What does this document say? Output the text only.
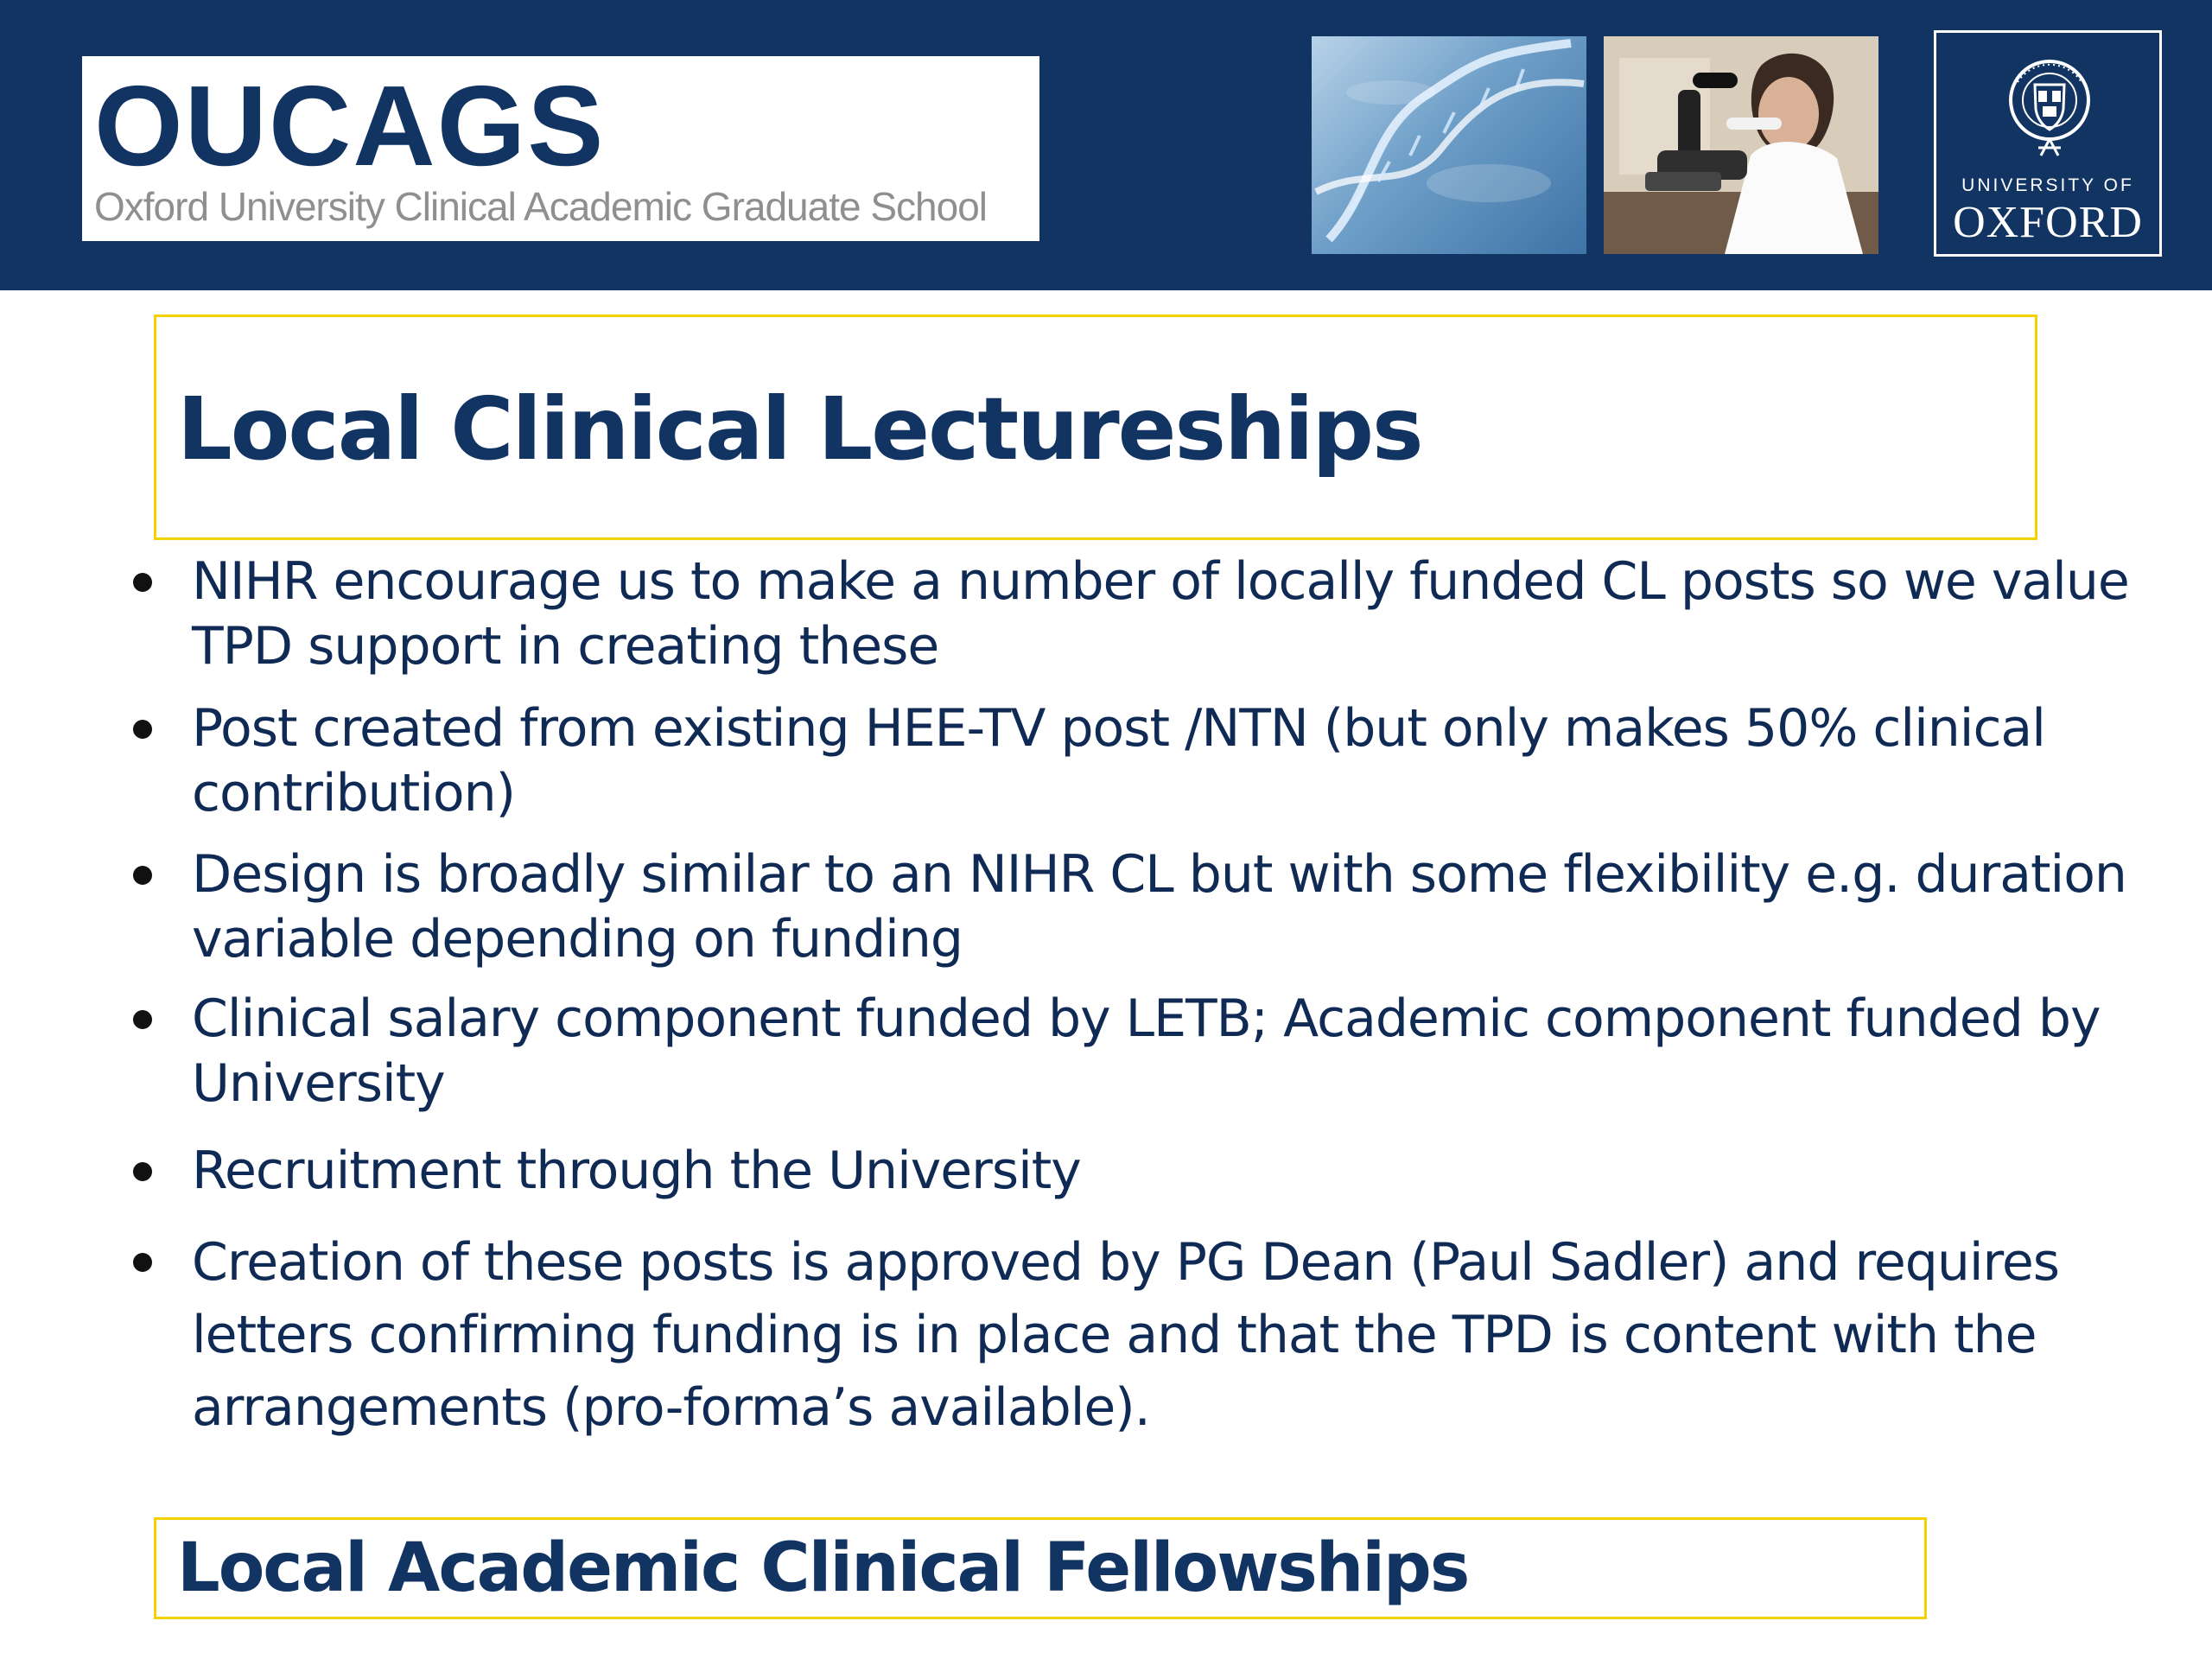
OUCAGS
Oxford University Clinical Academic Graduate School	UNIVERSITY OF
OXFORD
Local Clinical Lectureships
NIHR encourage us to make a number of locally funded CL posts so we value TPD support in creating these
Post created from existing HEE-TV post /NTN (but only makes 50% clinical contribution)
Design is broadly similar to an NIHR CL but with some flexibility e.g. duration variable depending on funding
Clinical salary component funded by LETB; Academic component funded by University
Recruitment through the University
Creation of these posts is approved by PG Dean (Paul Sadler) and requires letters confirming funding is in place and that the TPD is content with the arrangements (pro-forma’s available).
Local Academic Clinical Fellowships
